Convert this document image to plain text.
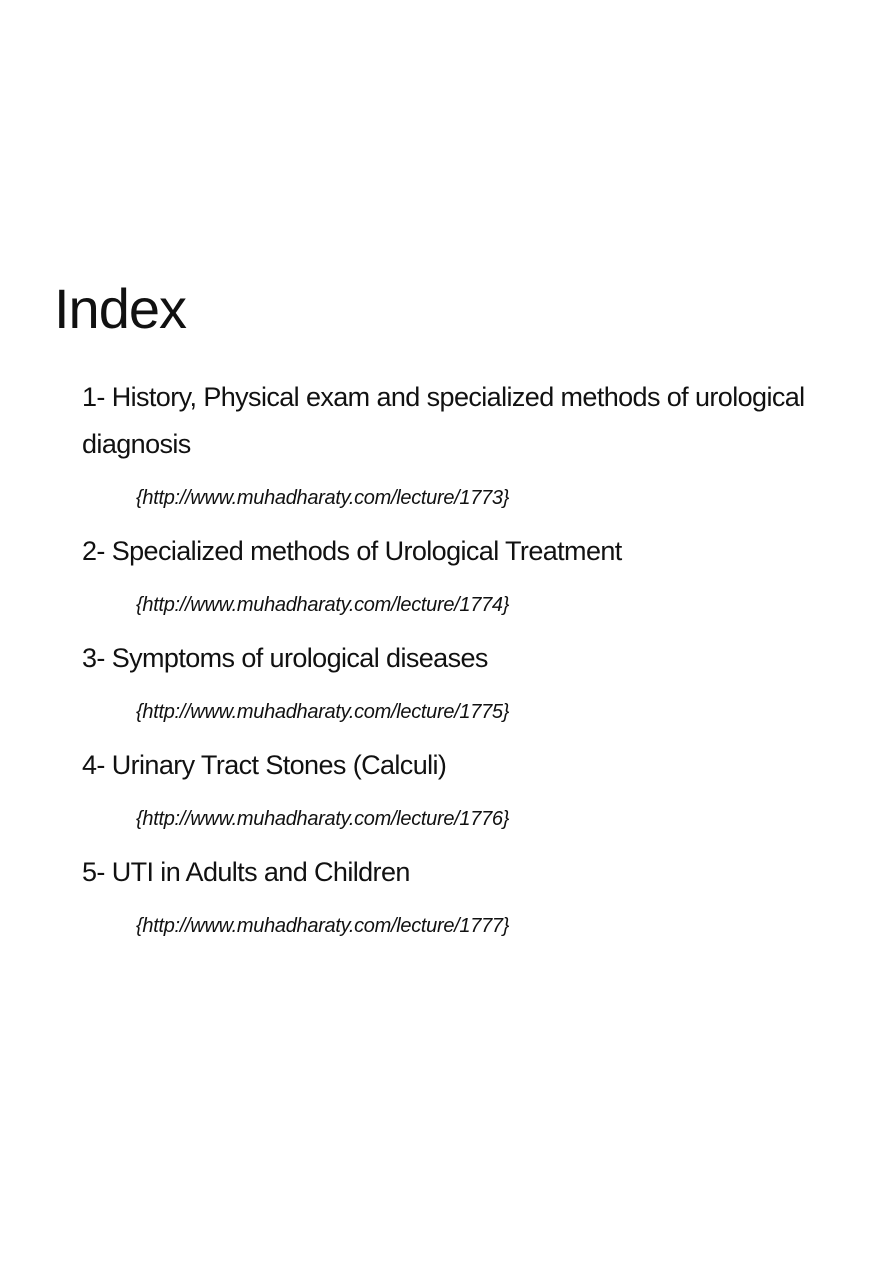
Index

1- History, Physical exam and specialized methods of urological diagnosis

{http://www.muhadharaty.com/lecture/1773}

2- Specialized methods of Urological Treatment

{http://www.muhadharaty.com/lecture/1774}

3- Symptoms of urological diseases

{http://www.muhadharaty.com/lecture/1775}

4- Urinary Tract Stones (Calculi)

{http://www.muhadharaty.com/lecture/1776}

5- UTI in Adults and Children

{http://www.muhadharaty.com/lecture/1777}
